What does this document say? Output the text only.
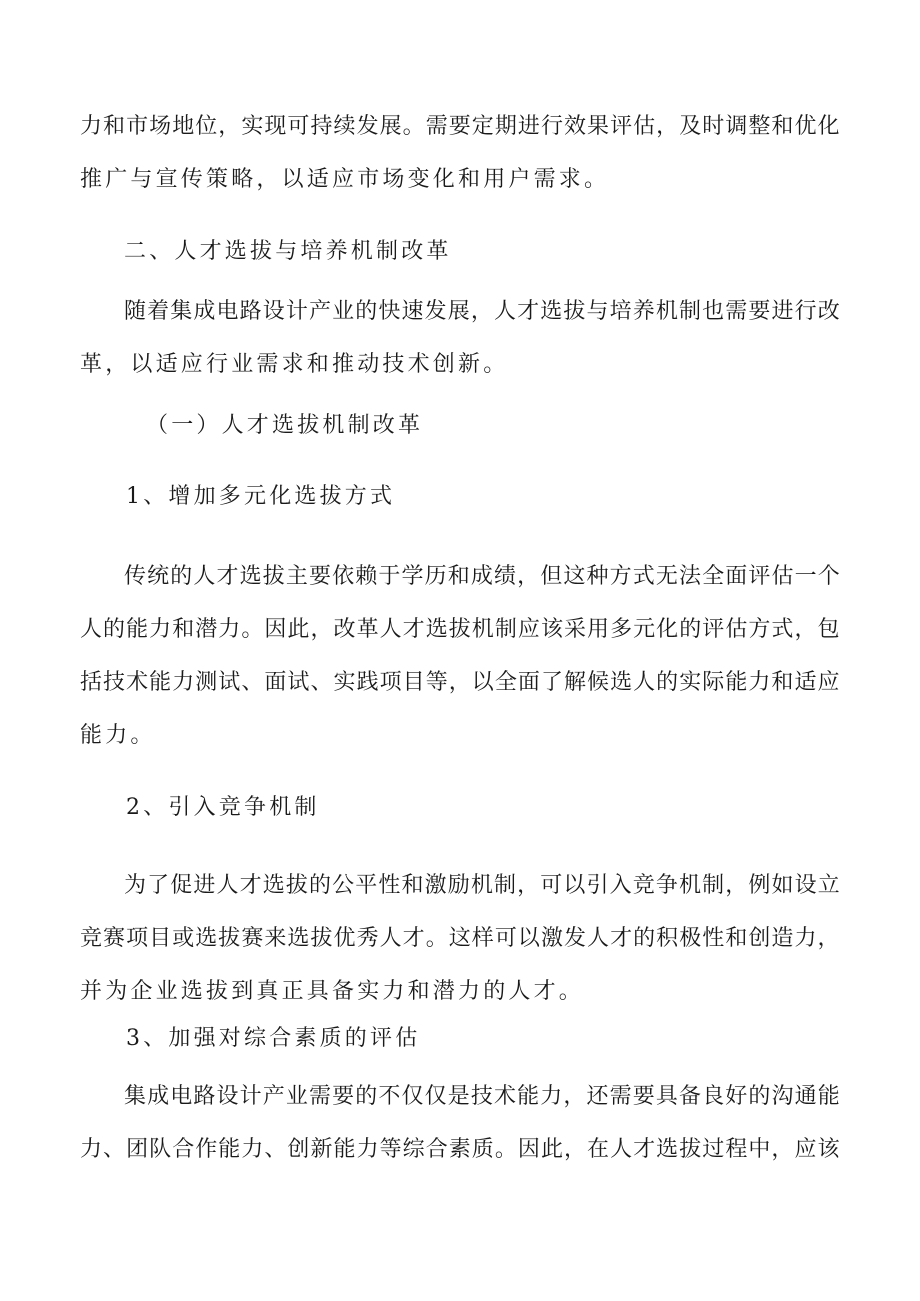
力 和 市 场 地 位 ， 实 现 可 持 续 发 展 。 需 要 定 期 进 行 效 果 评 估 ， 及 时 调 整 和 优 化
推广与宣传策略，以适应市场变化和用户需求。
二、人才选拔与培养机制改革
随 着 集 成 电 路 设 计 产 业 的 快 速 发 展 ， 人 才 选 拔 与 培 养 机 制 也 需 要 进 行 改
革，以适应行业需求和推动技术创新。
（一）人才选拔机制改革
1、增加多元化选拔方式
传 统 的 人 才 选 拔 主 要 依 赖 于 学 历 和 成 绩 ， 但 这 种 方 式 无 法 全 面 评 估 一 个
人 的 能 力 和 潜 力 。 因 此 ， 改 革 人 才 选 拔 机 制 应 该 采 用 多 元 化 的 评 估 方 式 ， 包
括 技 术 能 力 测 试 、 面 试 、 实 践 项 目 等 ， 以 全 面 了 解 候 选 人 的 实 际 能 力 和 适 应
能力。
2、引入竞争机制
为 了 促 进 人 才 选 拔 的 公 平 性 和 激 励 机 制 ， 可 以 引 入 竞 争 机 制 ， 例 如 设 立
竞 赛 项 目 或 选 拔 赛 来 选 拔 优 秀 人 才 。 这 样 可 以 激 发 人 才 的 积 极 性 和 创 造 力 ，
并为企业选拔到真正具备实力和潜力的人才。
3、加强对综合素质的评估
集 成 电 路 设 计 产 业 需 要 的 不 仅 仅 是 技 术 能 力 ， 还 需 要 具 备 良 好 的 沟 通 能
力 、 团 队 合 作 能 力 、 创 新 能 力 等 综 合 素 质 。 因 此 ， 在 人 才 选 拔 过 程 中 ， 应 该
